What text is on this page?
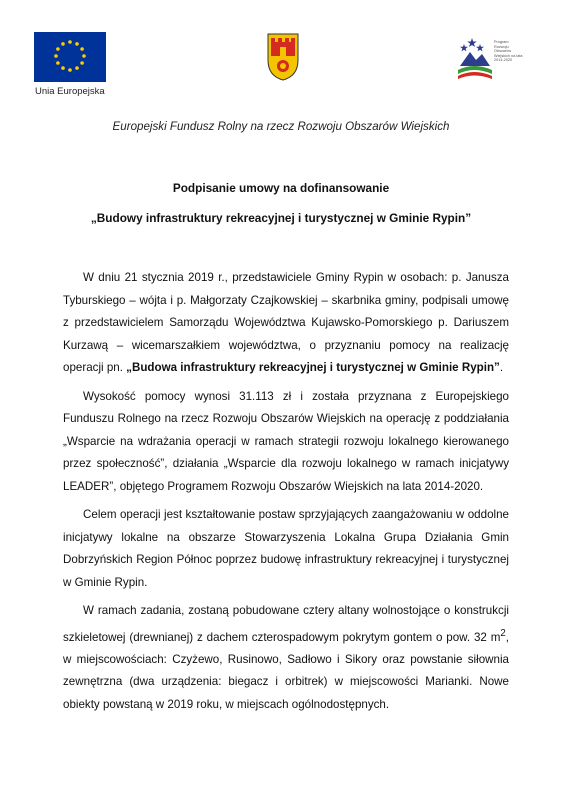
Unia Europejska
Program Rozwoju Obszarów Wiejskich na lata 2014-2020
Europejski Fundusz Rolny na rzecz Rozwoju Obszarów Wiejskich
Podpisanie umowy na dofinansowanie
„Budowy infrastruktury rekreacyjnej i turystycznej w Gminie Rypin”

W dniu 21 stycznia 2019 r., przedstawiciele Gminy Rypin w osobach: p. Janusza Tyburskiego – wójta i p. Małgorzaty Czajkowskiej – skarbnika gminy, podpisali umowę z przedstawicielem Samorządu Województwa Kujawsko-Pomorskiego p. Dariuszem Kurzawą – wicemarszałkiem województwa, o przyznaniu pomocy na realizację operacji pn. „Budowa infrastruktury rekreacyjnej i turystycznej w Gminie Rypin”.

Wysokość pomocy wynosi 31.113 zł i została przyznana z Europejskiego Funduszu Rolnego na rzecz Rozwoju Obszarów Wiejskich na operację z poddziałania „Wsparcie na wdrażania operacji w ramach strategii rozwoju lokalnego kierowanego przez społeczność”, działania „Wsparcie dla rozwoju lokalnego w ramach inicjatywy LEADER”, objętego Programem Rozwoju Obszarów Wiejskich na lata 2014-2020.

Celem operacji jest kształtowanie postaw sprzyjających zaangażowaniu w oddolne inicjatywy lokalne na obszarze Stowarzyszenia Lokalna Grupa Działania Gmin Dobrzyńskich Region Północ poprzez budowę infrastruktury rekreacyjnej i turystycznej w Gminie Rypin.

W ramach zadania, zostaną pobudowane cztery altany wolnostojące o konstrukcji szkieletowej (drewnianej) z dachem czterospadowym pokrytym gontem o pow. 32 $m^2$, w miejscowościach: Czyżewo, Rusinowo, Sadłowo i Sikory oraz powstanie siłownia zewnętrzna (dwa urządzenia: biegacz i orbitrek) w miejscowości Marianki. Nowe obiekty powstaną w 2019 roku, w miejscach ogólnodostępnych.
